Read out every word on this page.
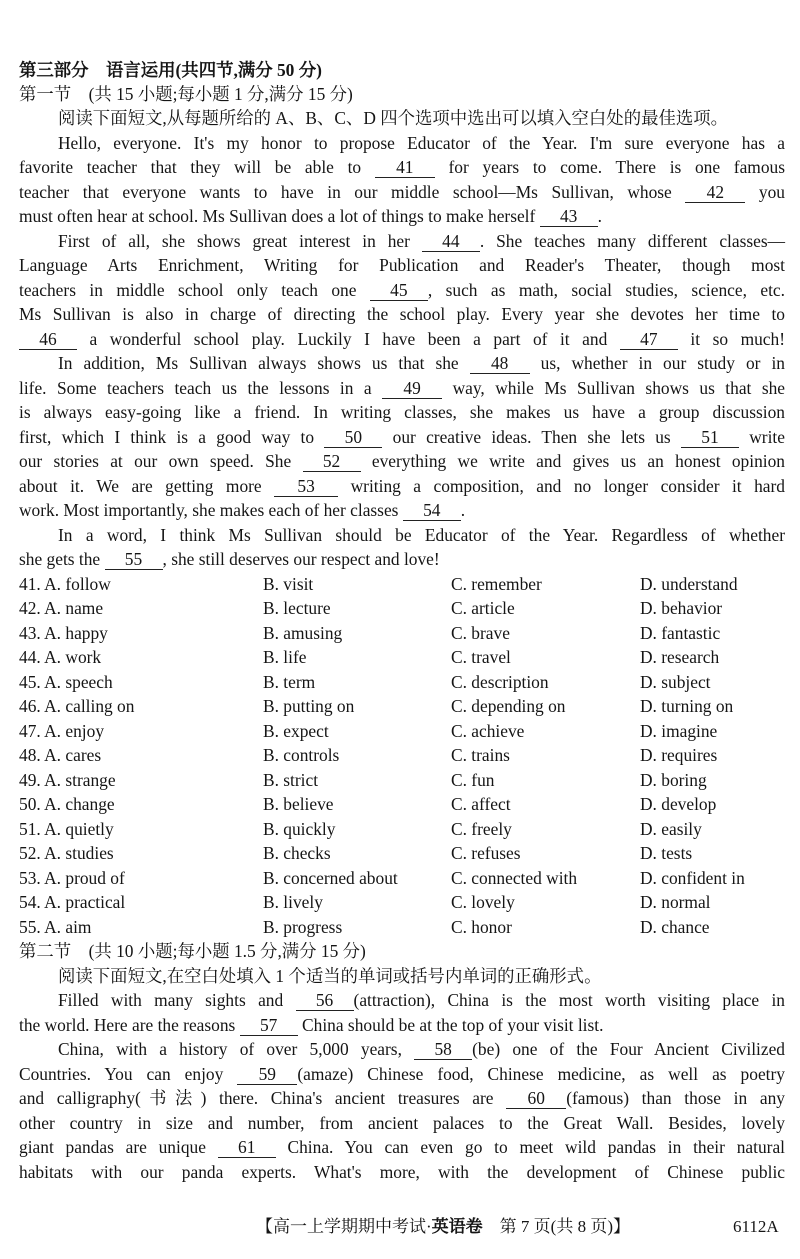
第三部分　语言运用(共四节,满分 50 分)
第一节　(共 15 小题;每小题 1 分,满分 15 分)
阅读下面短文,从每题所给的 A、B、C、D 四个选项中选出可以填入空白处的最佳选项。
Hello, everyone. It's my honor to propose Educator of the Year. I'm sure everyone has a
favorite teacher that they will be able to 41 for years to come. There is one famous
teacher that everyone wants to have in our middle school—Ms Sullivan, whose 42 you
must often hear at school. Ms Sullivan does a lot of things to make herself 43 .
First of all, she shows great interest in her 44 . She teaches many different classes—
Language Arts Enrichment, Writing for Publication and Reader's Theater, though most
teachers in middle school only teach one 45 , such as math, social studies, science, etc.
Ms Sullivan is also in charge of directing the school play. Every year she devotes her time to
46 a wonderful school play. Luckily I have been a part of it and 47 it so much!
In addition, Ms Sullivan always shows us that she 48 us, whether in our study or in
life. Some teachers teach us the lessons in a 49 way, while Ms Sullivan shows us that she
is always easy-going like a friend. In writing classes, she makes us have a group discussion
first, which I think is a good way to 50 our creative ideas. Then she lets us 51 write
our stories at our own speed. She 52 everything we write and gives us an honest opinion
about it. We are getting more 53 writing a composition, and no longer consider it hard
work. Most importantly, she makes each of her classes 54 .
In a word, I think Ms Sullivan should be Educator of the Year. Regardless of whether
she gets the 55 , she still deserves our respect and love!
41. A. follow	B. visit	C. remember	D. understand
42. A. name	B. lecture	C. article	D. behavior
43. A. happy	B. amusing	C. brave	D. fantastic
44. A. work	B. life	C. travel	D. research
45. A. speech	B. term	C. description	D. subject
46. A. calling on	B. putting on	C. depending on	D. turning on
47. A. enjoy	B. expect	C. achieve	D. imagine
48. A. cares	B. controls	C. trains	D. requires
49. A. strange	B. strict	C. fun	D. boring
50. A. change	B. believe	C. affect	D. develop
51. A. quietly	B. quickly	C. freely	D. easily
52. A. studies	B. checks	C. refuses	D. tests
53. A. proud of	B. concerned about	C. connected with	D. confident in
54. A. practical	B. lively	C. lovely	D. normal
55. A. aim	B. progress	C. honor	D. chance
第二节　(共 10 小题;每小题 1.5 分,满分 15 分)
阅读下面短文,在空白处填入 1 个适当的单词或括号内单词的正确形式。
Filled with many sights and 56 (attraction), China is the most worth visiting place in
the world. Here are the reasons 57 China should be at the top of your visit list.
China, with a history of over 5,000 years, 58 (be) one of the Four Ancient Civilized
Countries. You can enjoy 59 (amaze) Chinese food, Chinese medicine, as well as poetry
and calligraphy(书法) there. China's ancient treasures are 60 (famous) than those in any
other country in size and number, from ancient palaces to the Great Wall. Besides, lovely
giant pandas are unique 61 China. You can even go to meet wild pandas in their natural
habitats with our panda experts. What's more, with the development of Chinese public
【高一上学期期中考试·英语卷　第 7 页(共 8 页)】	6112A
